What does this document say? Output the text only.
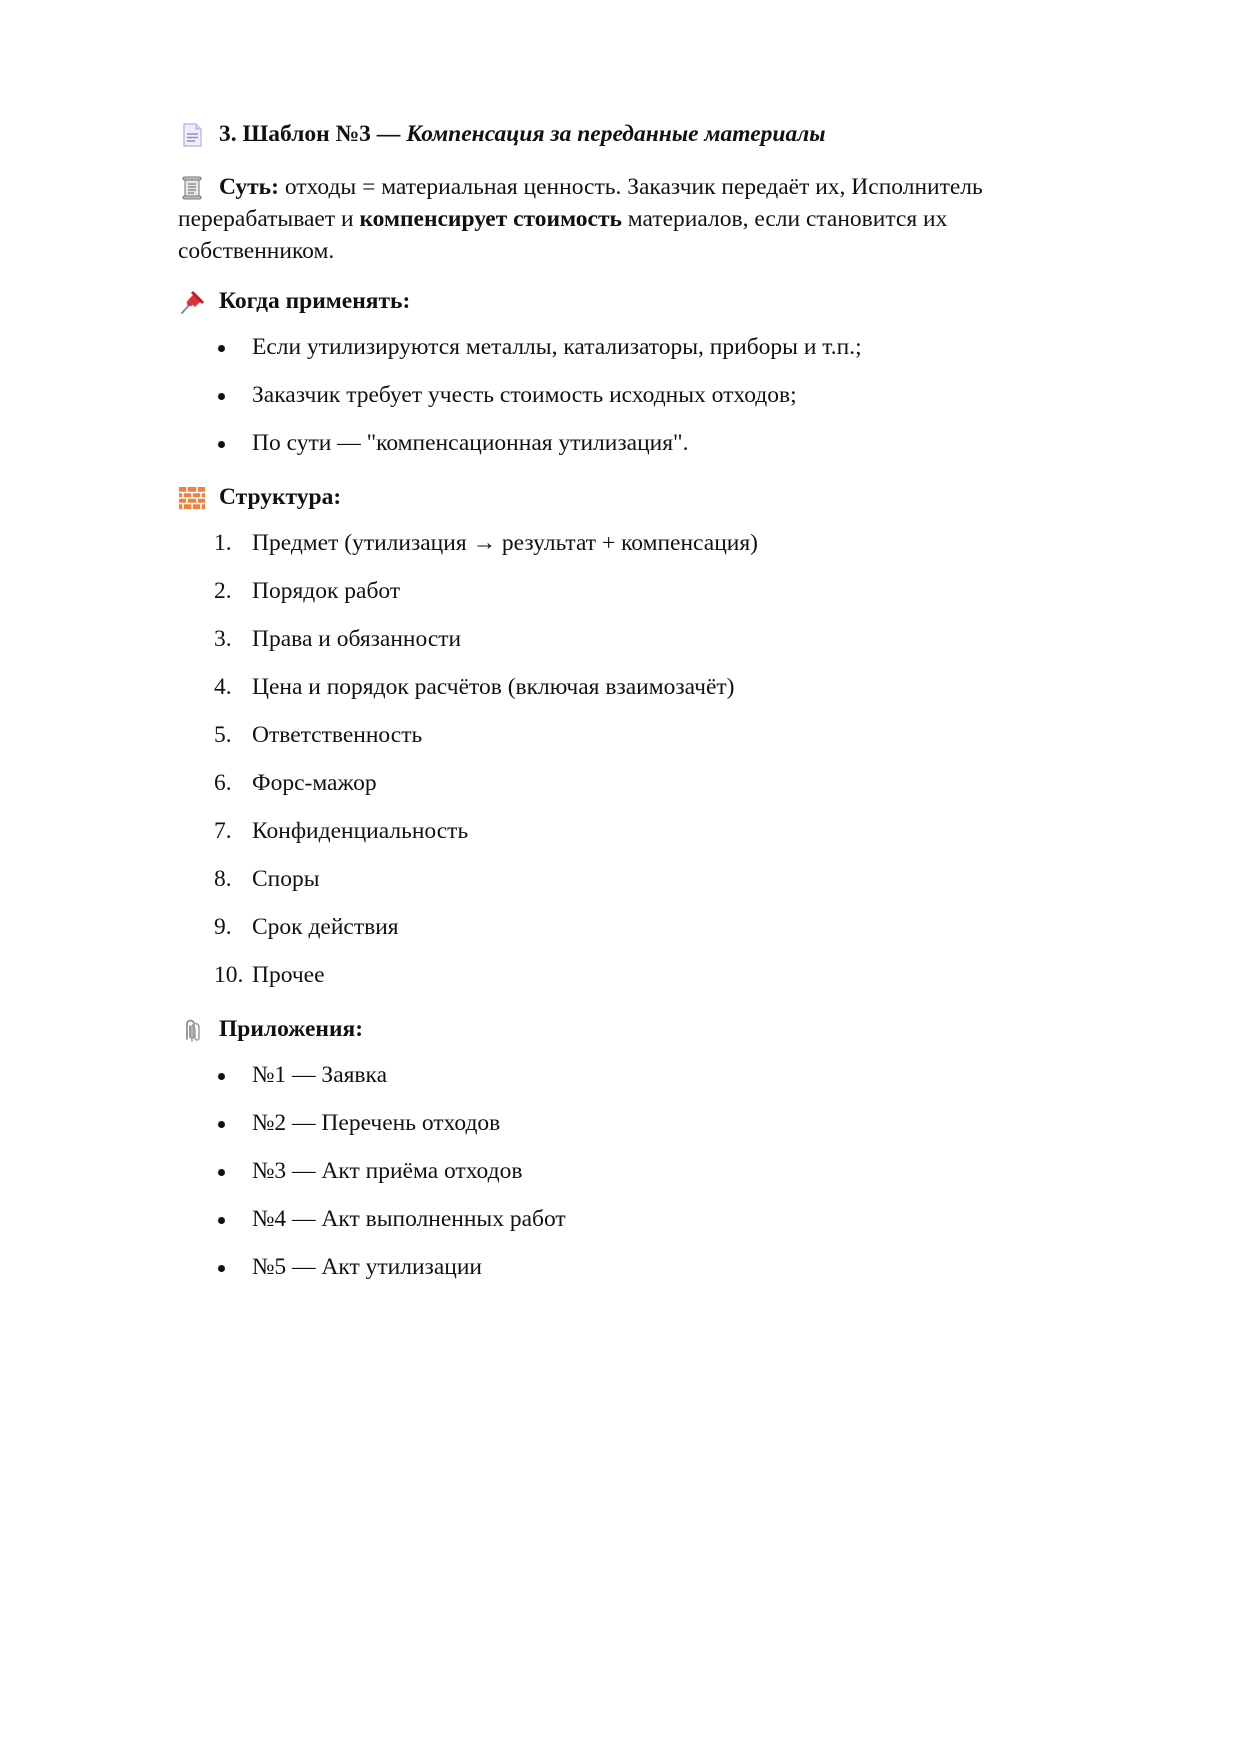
3. Шаблон №3 — Компенсация за переданные материалы
Суть: отходы = материальная ценность. Заказчик передаёт их, Исполнитель перерабатывает и компенсирует стоимость материалов, если становится их собственником.
Когда применять:
Если утилизируются металлы, катализаторы, приборы и т.п.;
Заказчик требует учесть стоимость исходных отходов;
По сути — "компенсационная утилизация".
Структура:
1. Предмет (утилизация → результат + компенсация)
2. Порядок работ
3. Права и обязанности
4. Цена и порядок расчётов (включая взаимозачёт)
5. Ответственность
6. Форс-мажор
7. Конфиденциальность
8. Споры
9. Срок действия
10. Прочее
Приложения:
№1 — Заявка
№2 — Перечень отходов
№3 — Акт приёма отходов
№4 — Акт выполненных работ
№5 — Акт утилизации
